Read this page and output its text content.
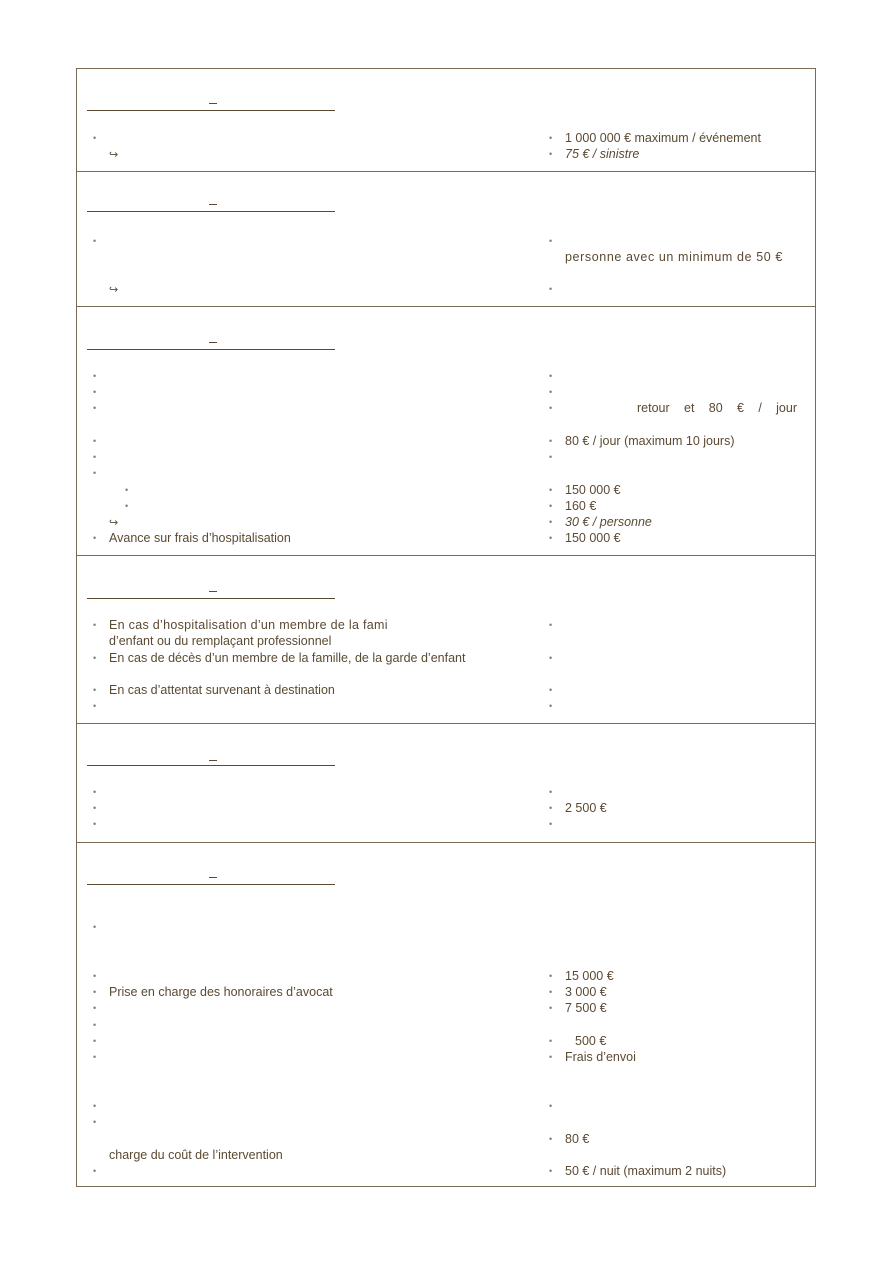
•
↪
• 1 000 000 € maximum / événement
• 75 € / sinistre
•
↪
•
personne avec un minimum de 50 €
•
•
•
•
•
•
•
•
•
↪
• Avance sur frais d’hospitalisation
•
•
•	retour et 80 € / jour
• 80 € / jour (maximum 10 jours)
•
• 150 000 €
• 160 €
• 30 € / personne
• 150 000 €
• En cas d’hospitalisation d’un membre de la fami
d’enfant ou du remplaçant professionnel
• En cas de décès d’un membre de la famille, de la garde d’enfant
• En cas d’attentat survenant à destination
•
•
•
•
•
•
•
•
•
• 2 500 €
•
•
•
• Prise en charge des honoraires d’avocat
•
•
•
•
•
•
charge du coût de l’intervention
•
• 15 000 €
• 3 000 €
• 7 500 €
• 500 €
• Frais d’envoi
•
• 80 €
• 50 € / nuit (maximum 2 nuits)
